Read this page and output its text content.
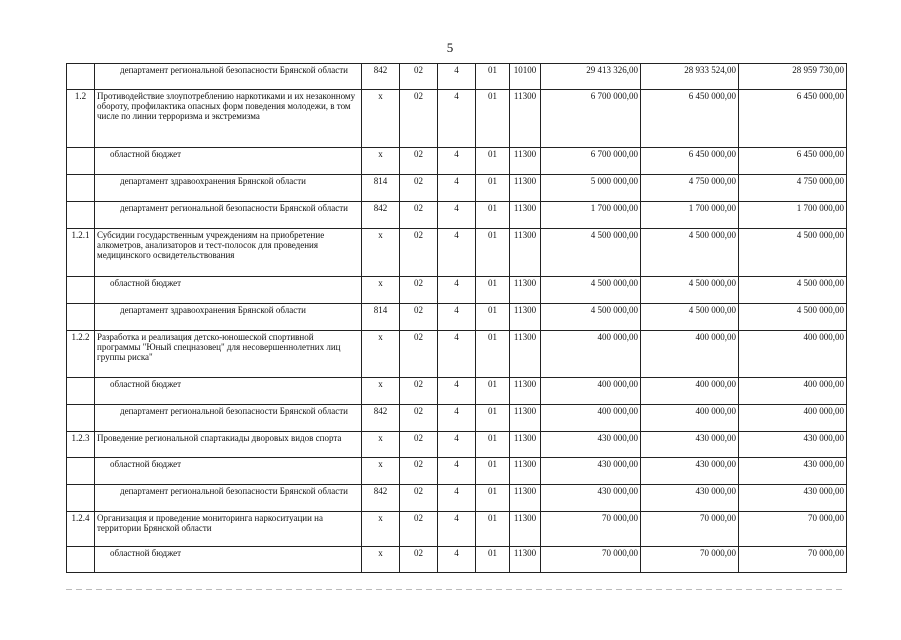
5
	департамент региональной безопасности Брянской области	842	02	4	01	10100	29 413 326,00	28 933 524,00	28 959 730,00
1.2	Противодействие злоупотреблению наркотиками и их незаконному обороту, профилактика опасных форм поведения молодежи, в том числе по линии терроризма и экстремизма	х	02	4	01	11300	6 700 000,00	6 450 000,00	6 450 000,00
	областной бюджет	х	02	4	01	11300	6 700 000,00	6 450 000,00	6 450 000,00
	департамент здравоохранения Брянской области	814	02	4	01	11300	5 000 000,00	4 750 000,00	4 750 000,00
	департамент региональной безопасности Брянской области	842	02	4	01	11300	1 700 000,00	1 700 000,00	1 700 000,00
1.2.1	Субсидии государственным учреждениям на приобретение алкометров, анализаторов и тест-полосок для проведения медицинского освидетельствования	х	02	4	01	11300	4 500 000,00	4 500 000,00	4 500 000,00
	областной бюджет	х	02	4	01	11300	4 500 000,00	4 500 000,00	4 500 000,00
	департамент здравоохранения Брянской области	814	02	4	01	11300	4 500 000,00	4 500 000,00	4 500 000,00
1.2.2	Разработка и реализация детско-юношеской спортивной программы "Юный спецназовец" для несовершеннолетних лиц группы риска"	х	02	4	01	11300	400 000,00	400 000,00	400 000,00
	областной бюджет	х	02	4	01	11300	400 000,00	400 000,00	400 000,00
	департамент региональной безопасности Брянской области	842	02	4	01	11300	400 000,00	400 000,00	400 000,00
1.2.3	Проведение региональной спартакиады дворовых видов спорта	х	02	4	01	11300	430 000,00	430 000,00	430 000,00
	областной бюджет	х	02	4	01	11300	430 000,00	430 000,00	430 000,00
	департамент региональной безопасности Брянской области	842	02	4	01	11300	430 000,00	430 000,00	430 000,00
1.2.4	Организация и проведение мониторинга наркоситуации на территории Брянской области	х	02	4	01	11300	70 000,00	70 000,00	70 000,00
	областной бюджет	х	02	4	01	11300	70 000,00	70 000,00	70 000,00
